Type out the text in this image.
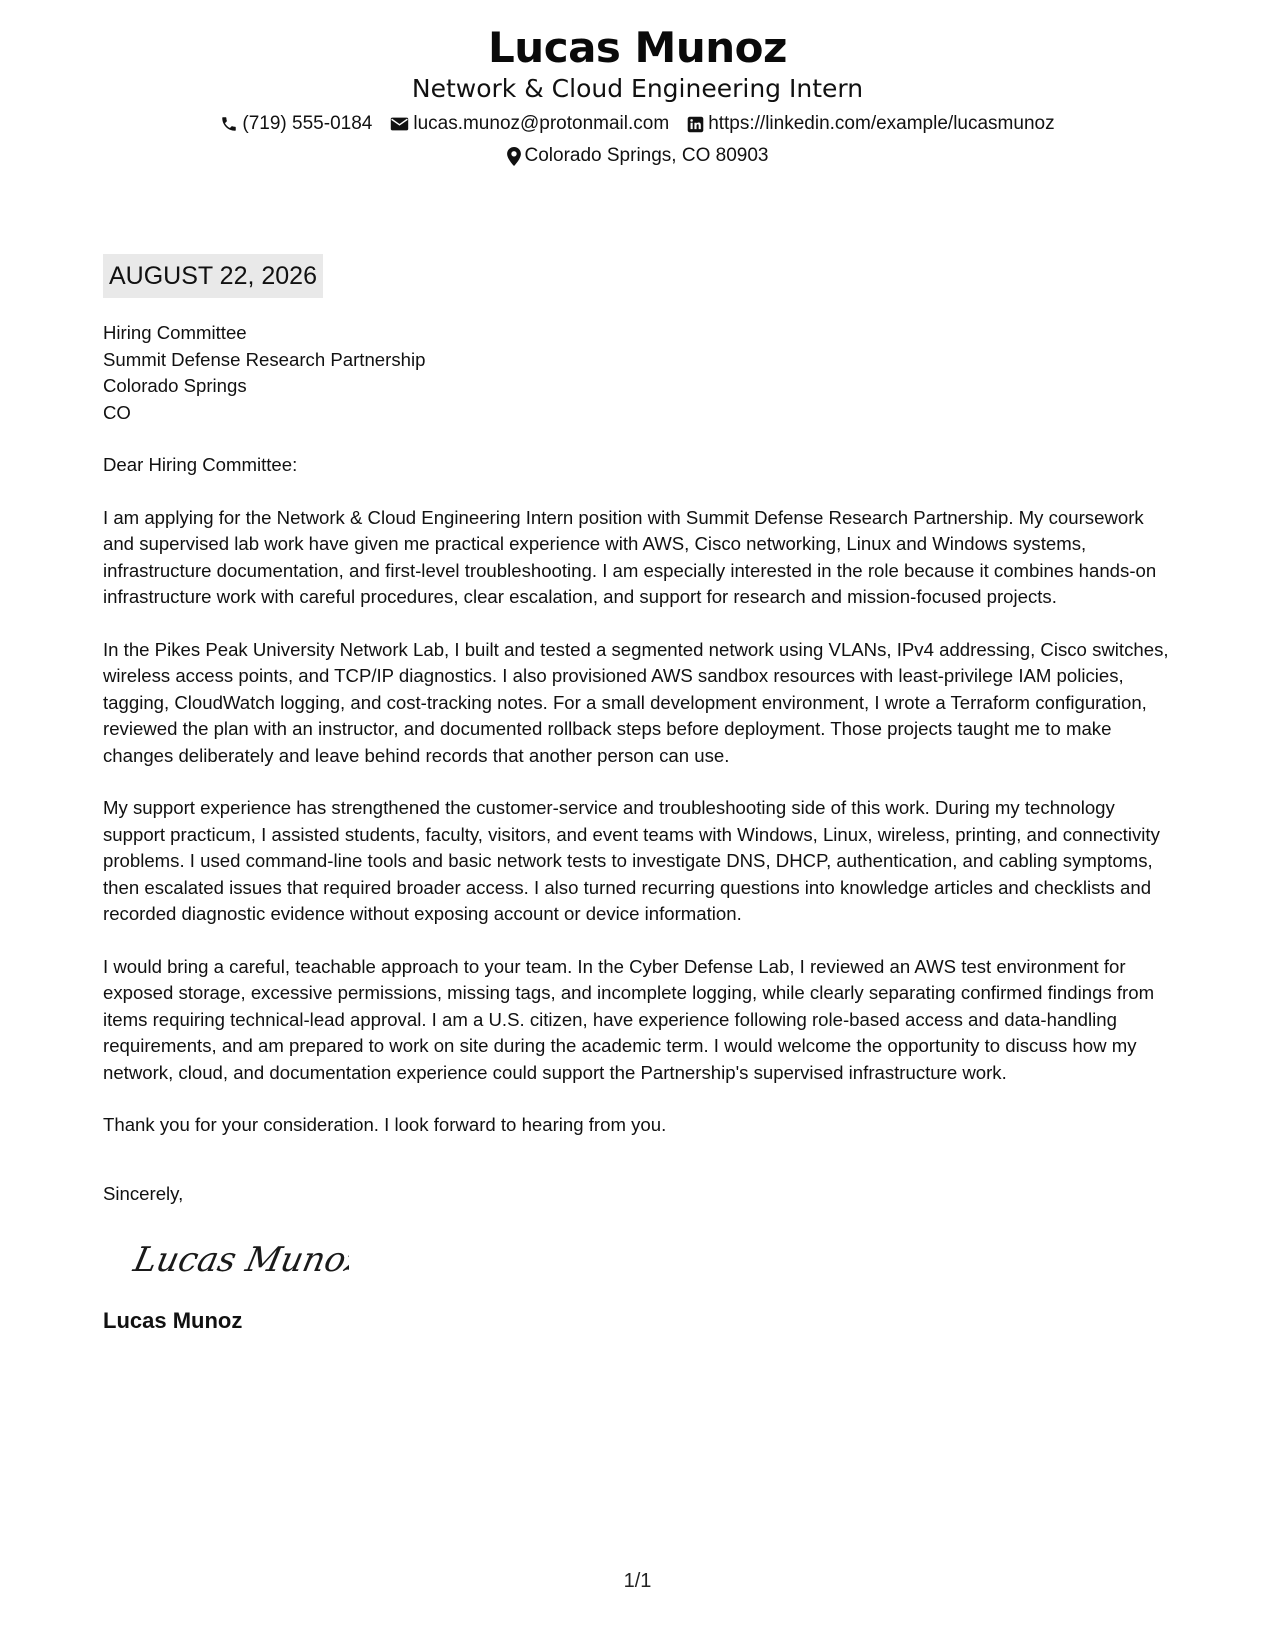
Lucas Munoz
Network & Cloud Engineering Intern
(719) 555-0184 lucas.munoz@protonmail.com https://linkedin.com/example/lucasmunoz
Colorado Springs, CO 80903
AUGUST 22, 2026
Hiring Committee
Summit Defense Research Partnership
Colorado Springs
CO
Dear Hiring Committee:

I am applying for the Network & Cloud Engineering Intern position with Summit Defense Research Partnership. My coursework and supervised lab work have given me practical experience with AWS, Cisco networking, Linux and Windows systems, infrastructure documentation, and first-level troubleshooting. I am especially interested in the role because it combines hands-on infrastructure work with careful procedures, clear escalation, and support for research and mission-focused projects.

In the Pikes Peak University Network Lab, I built and tested a segmented network using VLANs, IPv4 addressing, Cisco switches, wireless access points, and TCP/IP diagnostics. I also provisioned AWS sandbox resources with least-privilege IAM policies, tagging, CloudWatch logging, and cost-tracking notes. For a small development environment, I wrote a Terraform configuration, reviewed the plan with an instructor, and documented rollback steps before deployment. Those projects taught me to make changes deliberately and leave behind records that another person can use.

My support experience has strengthened the customer-service and troubleshooting side of this work. During my technology support practicum, I assisted students, faculty, visitors, and event teams with Windows, Linux, wireless, printing, and connectivity problems. I used command-line tools and basic network tests to investigate DNS, DHCP, authentication, and cabling symptoms, then escalated issues that required broader access. I also turned recurring questions into knowledge articles and checklists and recorded diagnostic evidence without exposing account or device information.

I would bring a careful, teachable approach to your team. In the Cyber Defense Lab, I reviewed an AWS test environment for exposed storage, excessive permissions, missing tags, and incomplete logging, while clearly separating confirmed findings from items requiring technical-lead approval. I am a U.S. citizen, have experience following role-based access and data-handling requirements, and am prepared to work on site during the academic term. I would welcome the opportunity to discuss how my network, cloud, and documentation experience could support the Partnership's supervised infrastructure work.

Thank you for your consideration. I look forward to hearing from you.
Sincerely,
Lucas Munoz
Lucas Munoz
1/1
